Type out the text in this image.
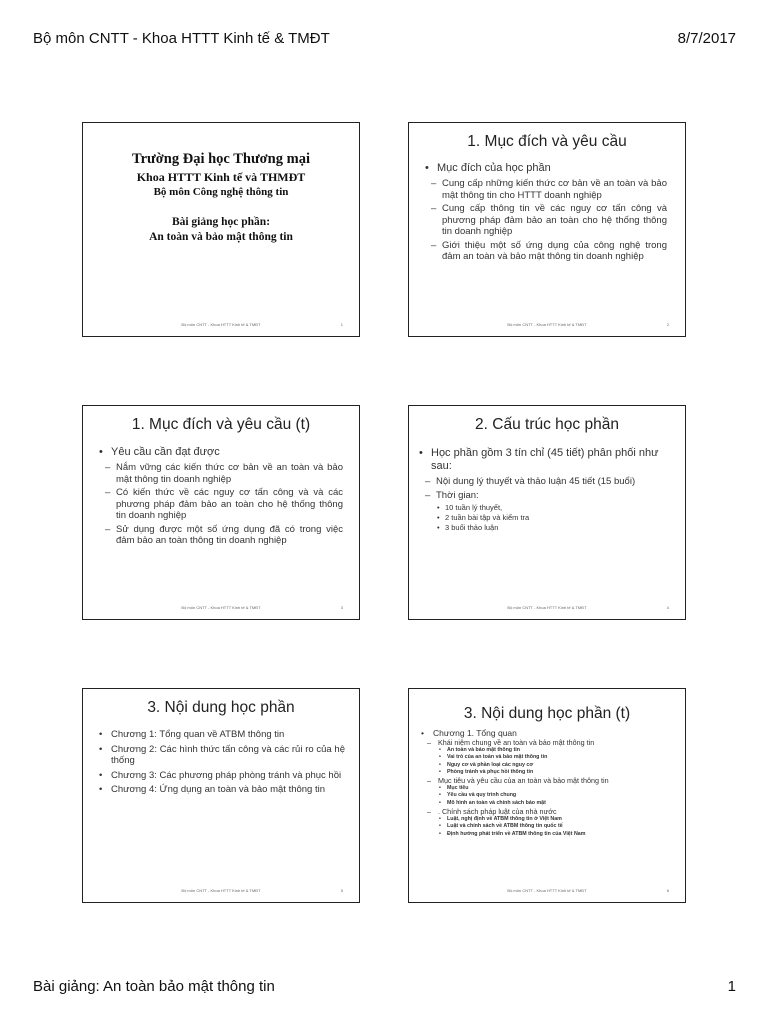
Bộ môn CNTT - Khoa HTTT Kinh tế & TMĐT	8/7/2017
Trường Đại học Thương mại
Khoa HTTT Kinh tế và THMĐT
Bộ môn Công nghệ thông tin
Bài giảng học phần:
An toàn và bảo mật thông tin
Bộ môn CNTT - Khoa HTTT Kinh tế & TMĐT	1
1. Mục đích và yêu cầu
• Mục đích của học phần
– Cung cấp những kiến thức cơ bản về an toàn và bảo mật thông tin cho HTTT doanh nghiệp
– Cung cấp thông tin về các nguy cơ tấn công và phương pháp đảm bảo an toàn cho hệ thống thông tin doanh nghiệp
– Giới thiệu một số ứng dụng của công nghệ trong đảm an toàn và bảo mật thông tin doanh nghiệp
Bộ môn CNTT - Khoa HTTT Kinh tế & TMĐT	2
1. Mục đích và yêu cầu (t)
• Yêu cầu cần đạt được
– Nắm vững các kiến thức cơ bản về an toàn và bảo mật thông tin doanh nghiệp
– Có kiến thức về các nguy cơ tấn công và và các phương pháp đảm bảo an toàn cho hệ thống thông tin doanh nghiệp
– Sử dụng được một số ứng dụng đã có trong việc đảm bảo an toàn thông tin doanh nghiệp
Bộ môn CNTT - Khoa HTTT Kinh tế & TMĐT	3
2. Cấu trúc học phần
• Học phần gồm 3 tín chỉ (45 tiết) phân phối như sau:
– Nội dung lý thuyết và thảo luận 45 tiết (15 buổi)
– Thời gian:
• 10 tuần lý thuyết,
• 2 tuần bài tập và kiểm tra
• 3 buổi thảo luận
Bộ môn CNTT - Khoa HTTT Kinh tế & TMĐT	4
3. Nội dung học phần
• Chương 1: Tổng quan về ATBM thông tin
• Chương 2: Các hình thức tấn công và các rủi ro của hệ thống
• Chương 3: Các phương pháp phòng tránh và phục hồi
• Chương 4: Ứng dụng an toàn và bảo mật thông tin
Bộ môn CNTT - Khoa HTTT Kinh tế & TMĐT	5
3. Nội dung học phần (t)
• Chương 1. Tổng quan
– Khái niệm chung về an toàn và bảo mật thông tin
• An toàn và bảo mật thông tin
• Vai trò của an toàn và bảo mật thông tin
• Nguy cơ và phần loại các nguy cơ
• Phòng tránh và phục hồi thông tin
– Mục tiêu và yêu cầu của an toàn và bảo mật thông tin
• Mục tiêu
• Yêu cầu và quy trình chung
• Mô hình an toàn và chính sách bảo mật
– . Chính sách pháp luật của nhà nước
• Luật, nghị định về ATBM thông tin ở Việt Nam
• Luật và chính sách về ATBM thông tin quốc tế
• Định hướng phát triển về ATBM thông tin của Việt Nam
Bộ môn CNTT - Khoa HTTT Kinh tế & TMĐT	6
Bài giảng: An toàn bảo mật thông tin	1
